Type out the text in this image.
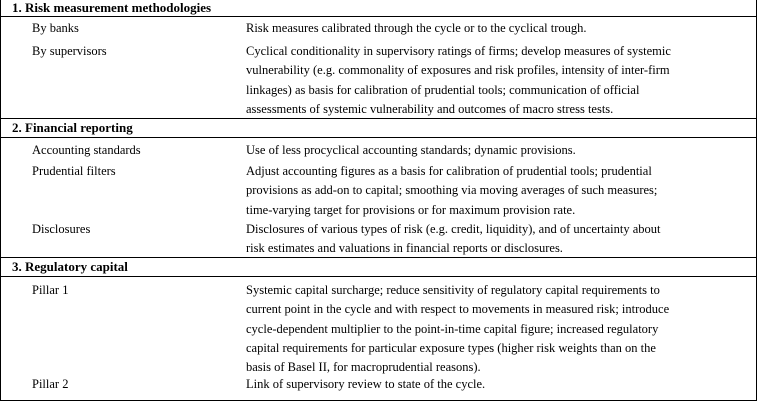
1. Risk measurement methodologies
By banks	Risk measures calibrated through the cycle or to the cyclical trough.
By supervisors	Cyclical conditionality in supervisory ratings of firms; develop measures of systemic
vulnerability (e.g. commonality of exposures and risk profiles, intensity of inter-firm
linkages) as basis for calibration of prudential tools; communication of official
assessments of systemic vulnerability and outcomes of macro stress tests.
2. Financial reporting
Accounting standards	Use of less procyclical accounting standards; dynamic provisions.
Prudential filters	Adjust accounting figures as a basis for calibration of prudential tools; prudential
provisions as add-on to capital; smoothing via moving averages of such measures;
time-varying target for provisions or for maximum provision rate.
Disclosures	Disclosures of various types of risk (e.g. credit, liquidity), and of uncertainty about
risk estimates and valuations in financial reports or disclosures.
3. Regulatory capital
Pillar 1	Systemic capital surcharge; reduce sensitivity of regulatory capital requirements to
current point in the cycle and with respect to movements in measured risk; introduce
cycle-dependent multiplier to the point-in-time capital figure; increased regulatory
capital requirements for particular exposure types (higher risk weights than on the
basis of Basel II, for macroprudential reasons).
Pillar 2	Link of supervisory review to state of the cycle.
